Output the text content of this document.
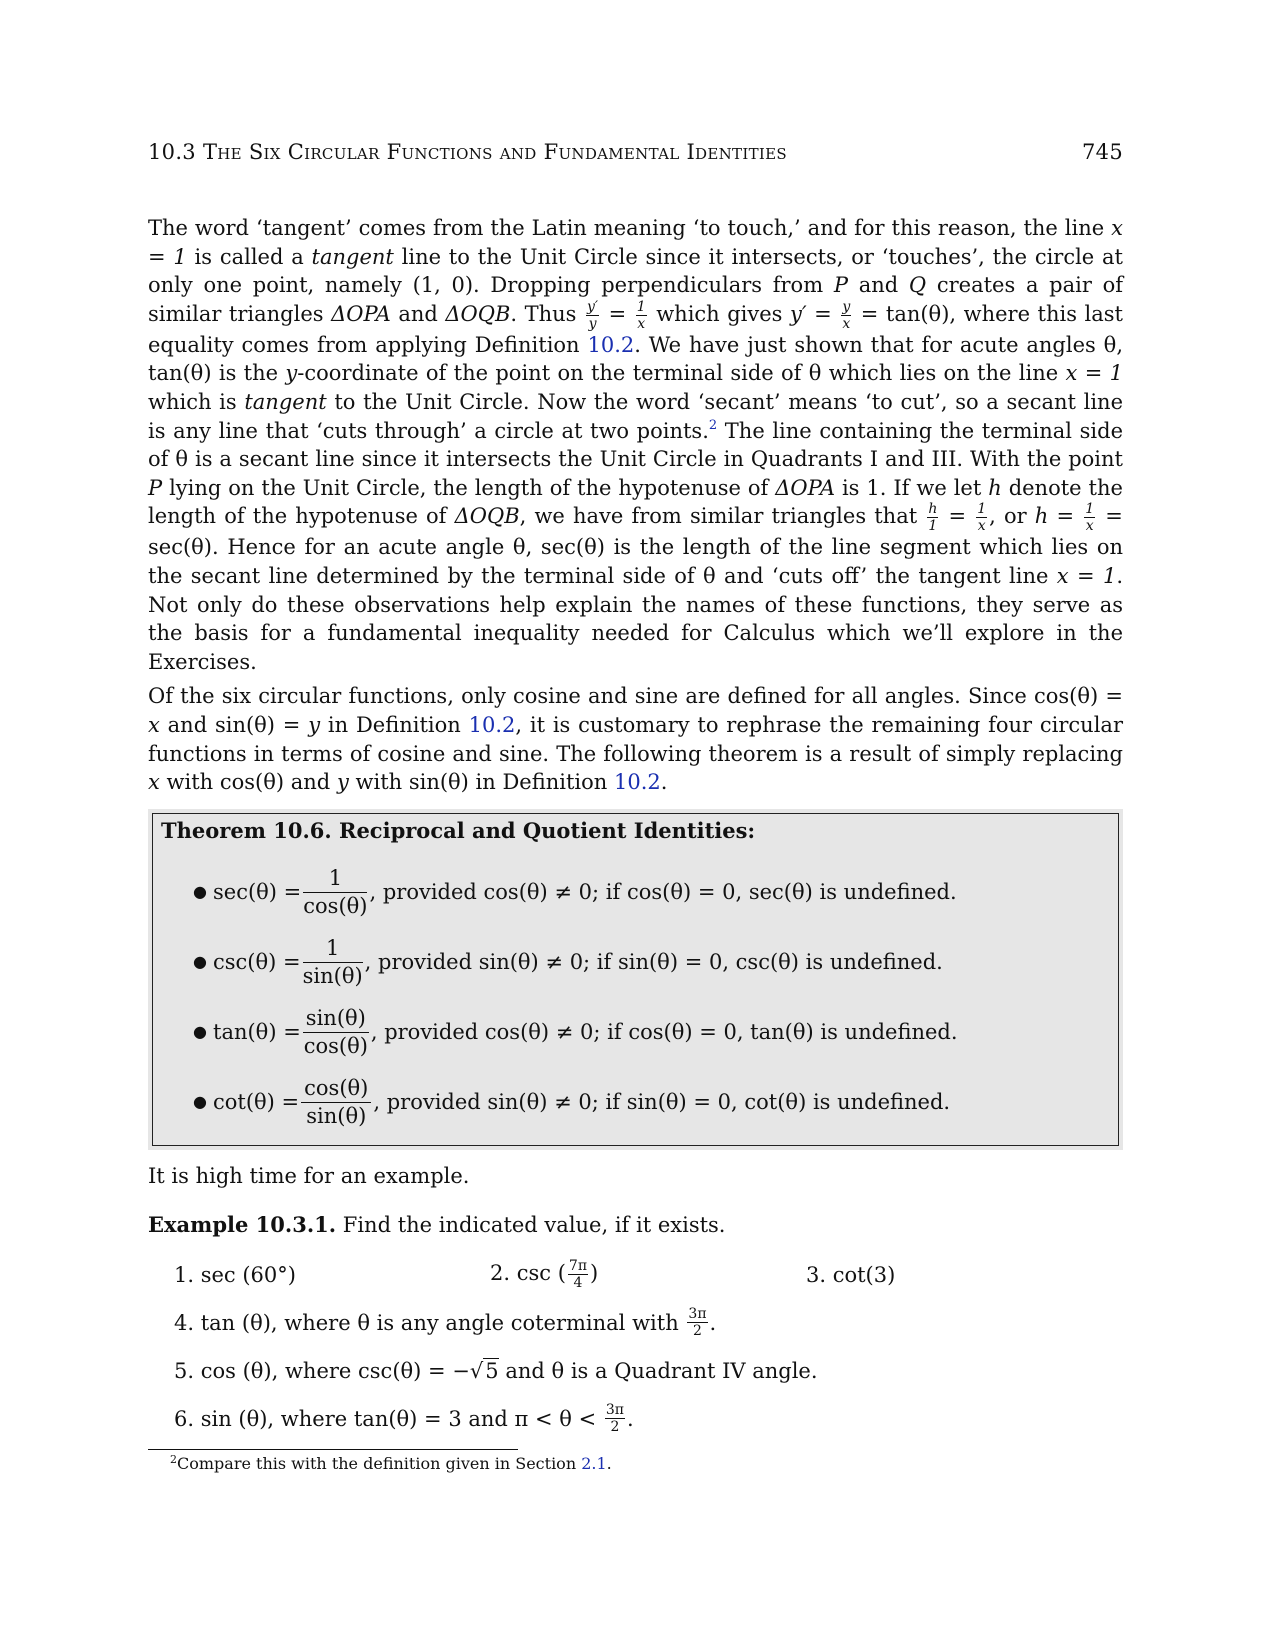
10.3 The Six Circular Functions and Fundamental Identities	745

The word ‘tangent’ comes from the Latin meaning ‘to touch,’ and for this reason, the line x = 1 is called a tangent line to the Unit Circle since it intersects, or ‘touches’, the circle at only one point, namely (1, 0). Dropping perpendiculars from P and Q creates a pair of similar triangles ΔOPA and ΔOQB. Thus $\frac{y'}{y} = \frac{1}{x}$ which gives $y' = \frac{y}{x} = \tan(\theta)$, where this last equality comes from applying Definition 10.2. We have just shown that for acute angles θ, tan(θ) is the y-coordinate of the point on the terminal side of θ which lies on the line x = 1 which is tangent to the Unit Circle. Now the word ‘secant’ means ‘to cut’, so a secant line is any line that ‘cuts through’ a circle at two points.$^2$ The line containing the terminal side of θ is a secant line since it intersects the Unit Circle in Quadrants I and III. With the point P lying on the Unit Circle, the length of the hypotenuse of ΔOPA is 1. If we let h denote the length of the hypotenuse of ΔOQB, we have from similar triangles that $\frac{h}{1} = \frac{1}{x}$ , or $h = \frac{1}{x} = \sec(\theta)$. Hence for an acute angle θ, sec(θ) is the length of the line segment which lies on the secant line determined by the terminal side of θ and ‘cuts off’ the tangent line x = 1. Not only do these observations help explain the names of these functions, they serve as the basis for a fundamental inequality needed for Calculus which we’ll explore in the Exercises.

Of the six circular functions, only cosine and sine are defined for all angles. Since cos(θ) = x and sin(θ) = y in Definition 10.2, it is customary to rephrase the remaining four circular functions in terms of cosine and sine. The following theorem is a result of simply replacing x with cos(θ) and y with sin(θ) in Definition 10.2.

Theorem 10.6. Reciprocal and Quotient Identities:
● $\sec(\theta) = \frac{1}{\cos(\theta)}$ , provided cos(θ) ≠ 0; if cos(θ) = 0, sec(θ) is undefined.
● $\csc(\theta) = \frac{1}{\sin(\theta)}$ , provided sin(θ) ≠ 0; if sin(θ) = 0, csc(θ) is undefined.
● $\tan(\theta) = \frac{\sin(\theta)}{\cos(\theta)}$ , provided cos(θ) ≠ 0; if cos(θ) = 0, tan(θ) is undefined.
● $\cot(\theta) = \frac{\cos(\theta)}{\sin(\theta)}$ , provided sin(θ) ≠ 0; if sin(θ) = 0, cot(θ) is undefined.
It is high time for an example.
Example 10.3.1. Find the indicated value, if it exists.
1. sec (60°)	2. csc ( $\frac{7\pi}{4}$ )	3. cot(3)
4. tan (θ), where θ is any angle coterminal with
$\frac{3\pi}{2}$ .
5. cos (θ), where csc(θ) = − √ 5
and θ is a Quadrant IV angle.
6. sin (θ), where tan(θ) = 3 and π < θ <
$\frac{3\pi}{2}$ .
$^2$Compare this with the definition given in Section 2.1.
